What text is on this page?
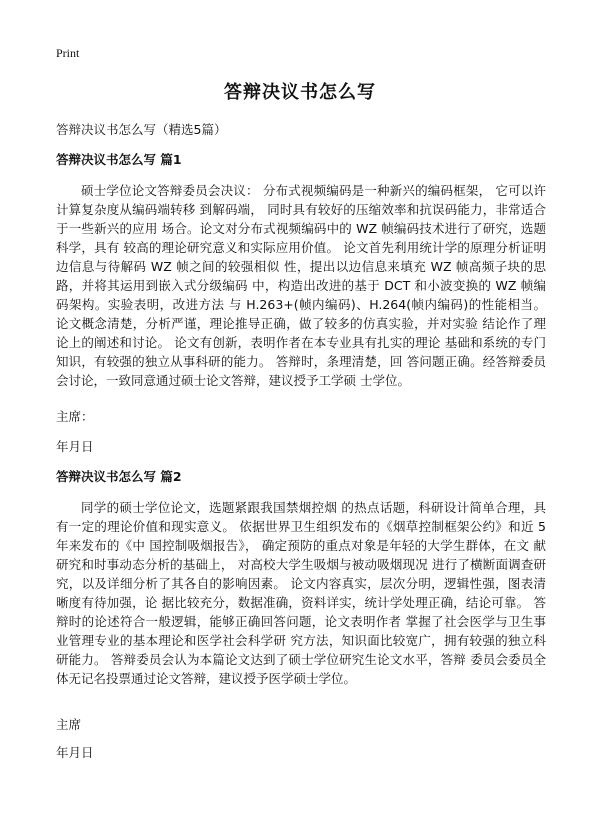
Print
答辩决议书怎么写
答辩决议书怎么写（精选5篇）
答辩决议书怎么写 篇1

硕士学位论文答辩委员会决议： 分布式视频编码是一种新兴的编码框架， 它可以许计算复杂度从编码端转移 到解码端， 同时具有较好的压缩效率和抗误码能力，非常适合于一些新兴的应用 场合。论文对分布式视频编码中的 WZ 帧编码技术进行了研究，选题科学，具有 较高的理论研究意义和实际应用价值。 论文首先利用统计学的原理分析证明边信息与待解码 WZ 帧之间的较强相似 性，提出以边信息来填充 WZ 帧高频子块的思路，并将其运用到嵌入式分级编码 中，构造出改进的基于 DCT 和小波变换的 WZ 帧编码架构。实验表明，改进方法 与 H.263+(帧内编码)、H.264(帧内编码)的性能相当。 论文概念清楚，分析严谨，理论推导正确，做了较多的仿真实验，并对实验 结论作了理论上的阐述和讨论。 论文有创新，表明作者在本专业具有扎实的理论 基础和系统的专门知识，有较强的独立从事科研的能力。 答辩时，条理清楚，回 答问题正确。经答辩委员会讨论，一致同意通过硕士论文答辩，建议授予工学硕 士学位。

主席：
年月日
答辩决议书怎么写 篇2

同学的硕士学位论文，选题紧跟我国禁烟控烟 的热点话题，科研设计简单合理，具有一定的理论价值和现实意义。 依据世界卫生组织发布的《烟草控制框架公约》和近 5 年来发布的《中 国控制吸烟报告》， 确定预防的重点对象是年轻的大学生群体，在文 献研究和时事动态分析的基础上， 对高校大学生吸烟与被动吸烟现况 进行了横断面调查研究，以及详细分析了其各自的影响因素。 论文内容真实，层次分明，逻辑性强，图表清晰度有待加强，论 据比较充分，数据准确，资料详实，统计学处理正确，结论可靠。 答辩时的论述符合一般逻辑，能够正确回答问题，论文表明作者 掌握了社会医学与卫生事业管理专业的基本理论和医学社会科学研 究方法，知识面比较宽广，拥有较强的独立科研能力。 答辩委员会认为本篇论文达到了硕士学位研究生论文水平，答辩 委员会委员全体无记名投票通过论文答辩，建议授予医学硕士学位。

主席
年月日
